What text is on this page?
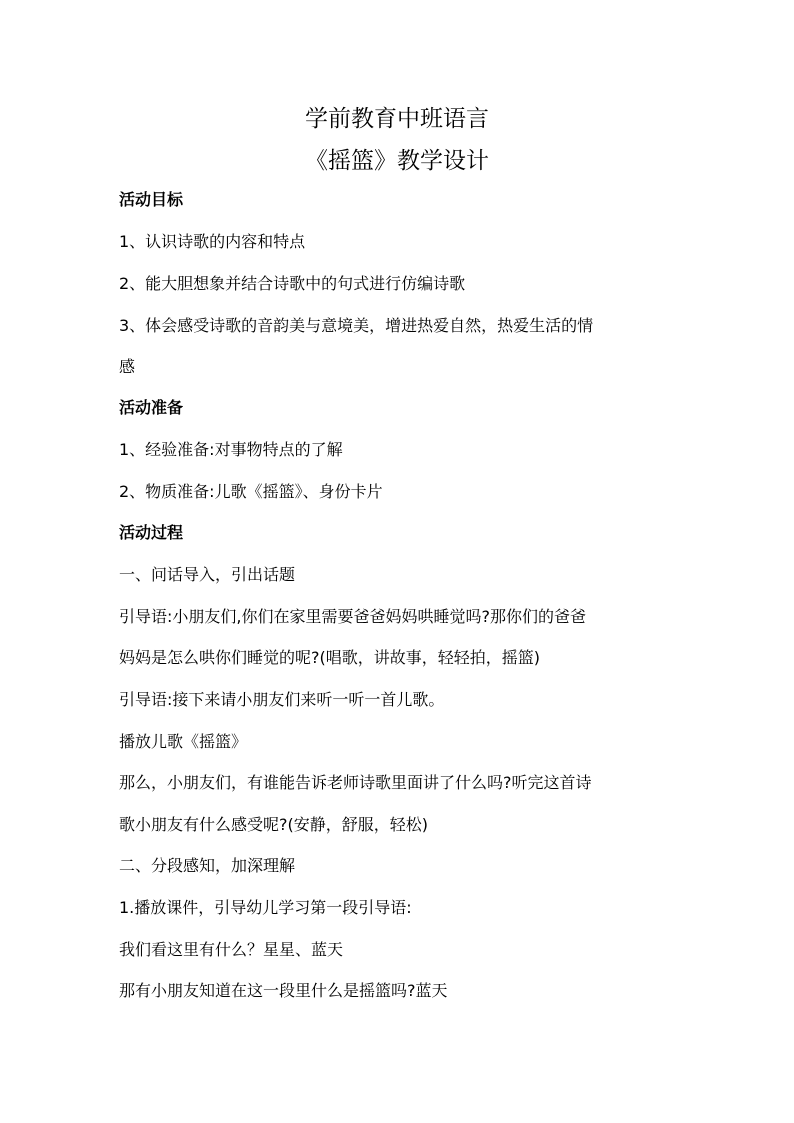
学前教育中班语言
《摇篮》教学设计

活动目标

1、认识诗歌的内容和特点

2、能大胆想象并结合诗歌中的句式进行仿编诗歌

3、体会感受诗歌的音韵美与意境美，增进热爱自然，热爱生活的情

感

活动准备

1、经验准备:对事物特点的了解

2、物质准备:儿歌《摇篮》、身份卡片

活动过程

一、问话导入，引出话题

引导语:小朋友们,你们在家里需要爸爸妈妈哄睡觉吗?那你们的爸爸

妈妈是怎么哄你们睡觉的呢?(唱歌，讲故事，轻轻拍，摇篮)

引导语:接下来请小朋友们来听一听一首儿歌。

播放儿歌《摇篮》

那么，小朋友们，有谁能告诉老师诗歌里面讲了什么吗?听完这首诗

歌小朋友有什么感受呢?(安静，舒服，轻松)

二、分段感知，加深理解

1.播放课件，引导幼儿学习第一段引导语:

我们看这里有什么？星星、蓝天

那有小朋友知道在这一段里什么是摇篮吗?蓝天
